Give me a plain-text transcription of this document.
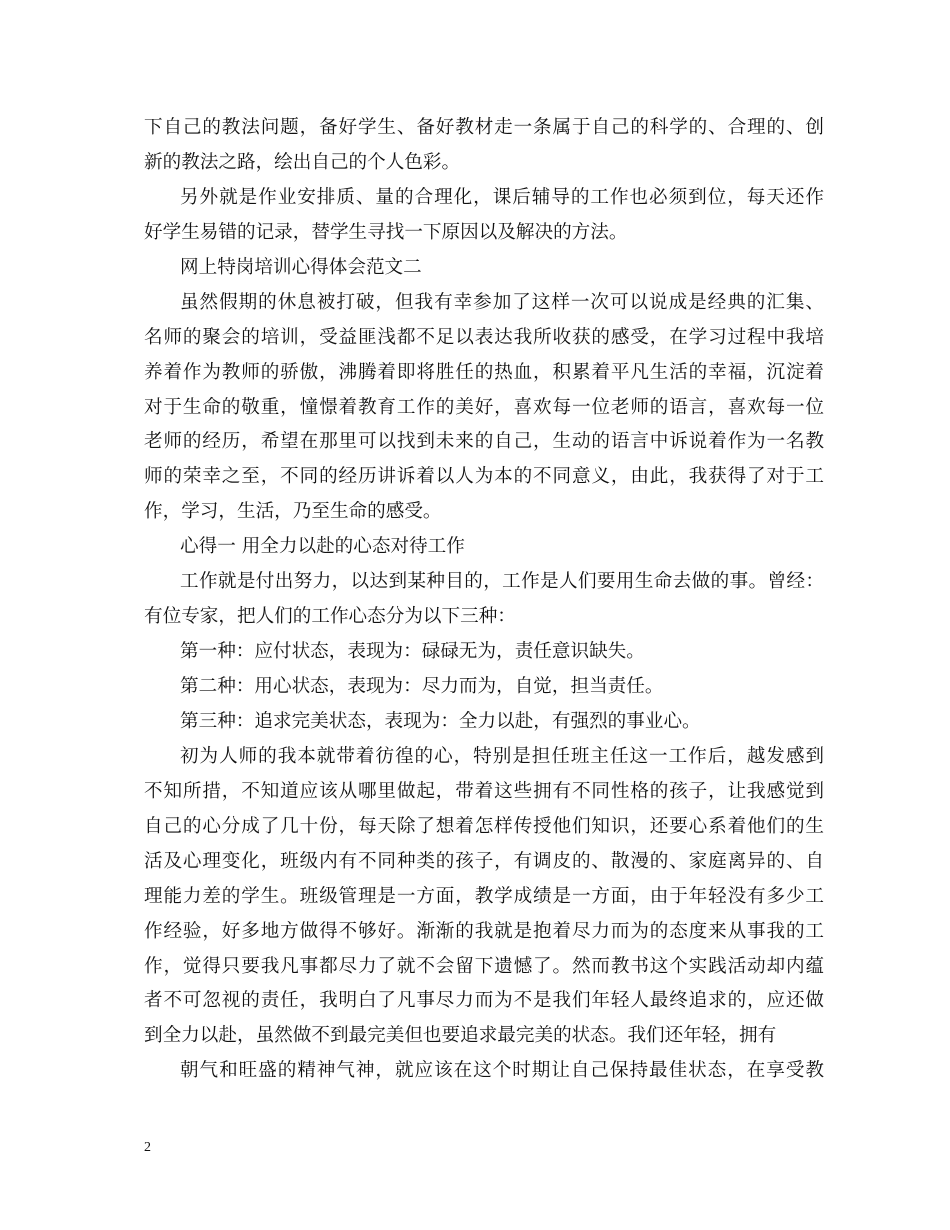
下自己的教法问题，备好学生、备好教材走一条属于自己的科学的、合理的、创
新的教法之路，绘出自己的个人色彩。
另外就是作业安排质、量的合理化，课后辅导的工作也必须到位，每天还作
好学生易错的记录，替学生寻找一下原因以及解决的方法。
网上特岗培训心得体会范文二
虽然假期的休息被打破，但我有幸参加了这样一次可以说成是经典的汇集、
名师的聚会的培训，受益匪浅都不足以表达我所收获的感受，在学习过程中我培
养着作为教师的骄傲，沸腾着即将胜任的热血，积累着平凡生活的幸福，沉淀着
对于生命的敬重，憧憬着教育工作的美好，喜欢每一位老师的语言，喜欢每一位
老师的经历，希望在那里可以找到未来的自己，生动的语言中诉说着作为一名教
师的荣幸之至，不同的经历讲诉着以人为本的不同意义，由此，我获得了对于工
作，学习，生活，乃至生命的感受。
心得一 用全力以赴的心态对待工作
工作就是付出努力，以达到某种目的，工作是人们要用生命去做的事。曾经：
有位专家，把人们的工作心态分为以下三种：
第一种：应付状态，表现为：碌碌无为，责任意识缺失。
第二种：用心状态，表现为：尽力而为，自觉，担当责任。
第三种：追求完美状态，表现为：全力以赴，有强烈的事业心。
初为人师的我本就带着彷徨的心，特别是担任班主任这一工作后，越发感到
不知所措，不知道应该从哪里做起，带着这些拥有不同性格的孩子，让我感觉到
自己的心分成了几十份，每天除了想着怎样传授他们知识，还要心系着他们的生
活及心理变化，班级内有不同种类的孩子，有调皮的、散漫的、家庭离异的、自
理能力差的学生。班级管理是一方面，教学成绩是一方面，由于年轻没有多少工
作经验，好多地方做得不够好。渐渐的我就是抱着尽力而为的态度来从事我的工
作，觉得只要我凡事都尽力了就不会留下遗憾了。然而教书这个实践活动却内蕴
者不可忽视的责任，我明白了凡事尽力而为不是我们年轻人最终追求的，应还做
到全力以赴，虽然做不到最完美但也要追求最完美的状态。我们还年轻，拥有
朝气和旺盛的精神气神，就应该在这个时期让自己保持最佳状态，在享受教
2
